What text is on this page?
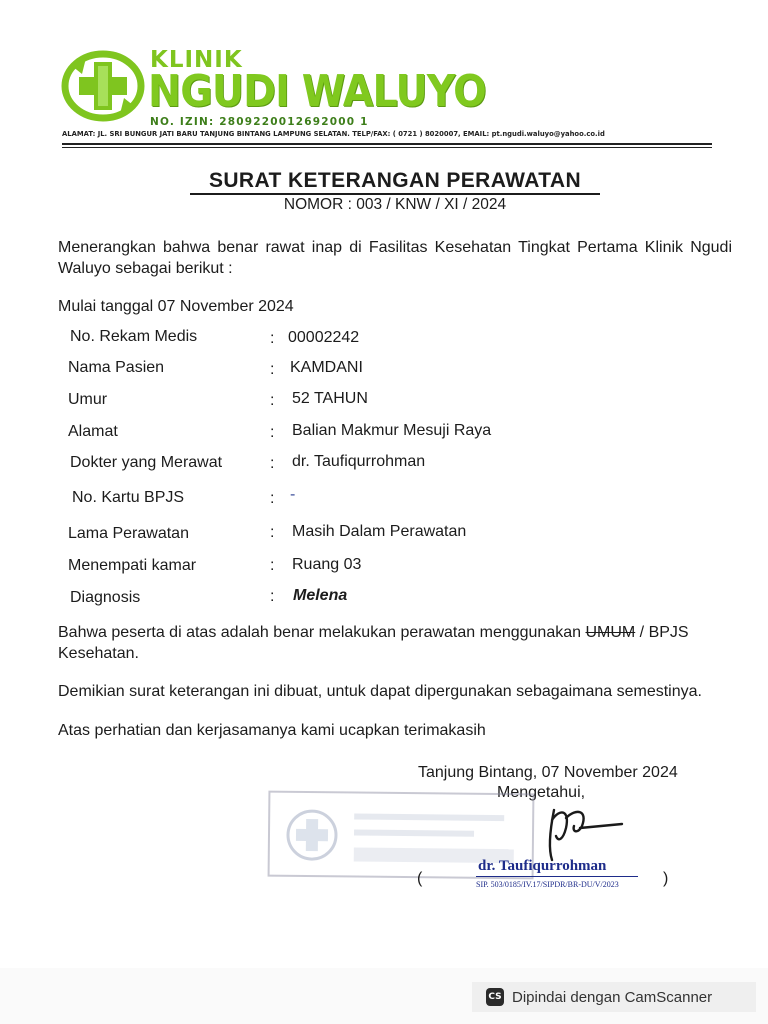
KLINIK
NGUDI WALUYO
NO. IZIN: 2809220012692000 1
ALAMAT: JL. SRI BUNGUR JATI BARU TANJUNG BINTANG LAMPUNG SELATAN. TELP/FAX: ( 0721 ) 8020007, EMAIL: pt.ngudi.waluyo@yahoo.co.id
SURAT KETERANGAN PERAWATAN
NOMOR : 003 / KNW / XI / 2024
Menerangkan bahwa benar rawat inap di Fasilitas Kesehatan Tingkat Pertama Klinik Ngudi Waluyo sebagai berikut :
Mulai tanggal 07 November 2024
No. Rekam Medis	: 00002242
Nama Pasien	: KAMDANI
Umur	: 52 TAHUN
Alamat	: Balian Makmur Mesuji Raya
Dokter yang Merawat	: dr. Taufiqurrohman
No. Kartu BPJS	: -
Lama Perawatan	: Masih Dalam Perawatan
Menempati kamar	: Ruang 03
Diagnosis	: Melena
Bahwa peserta di atas adalah benar melakukan perawatan menggunakan UMUM / BPJS Kesehatan.
Demikian surat keterangan ini dibuat, untuk dapat dipergunakan sebagaimana semestinya.
Atas perhatian dan kerjasamanya kami ucapkan terimakasih
Tanjung Bintang, 07 November 2024
Mengetahui,
(
dr. Taufiqurrohman
SIP. 503/0185/IV.17/SIPDR/BR-DU/V/2023	)
CS Dipindai dengan CamScanner
